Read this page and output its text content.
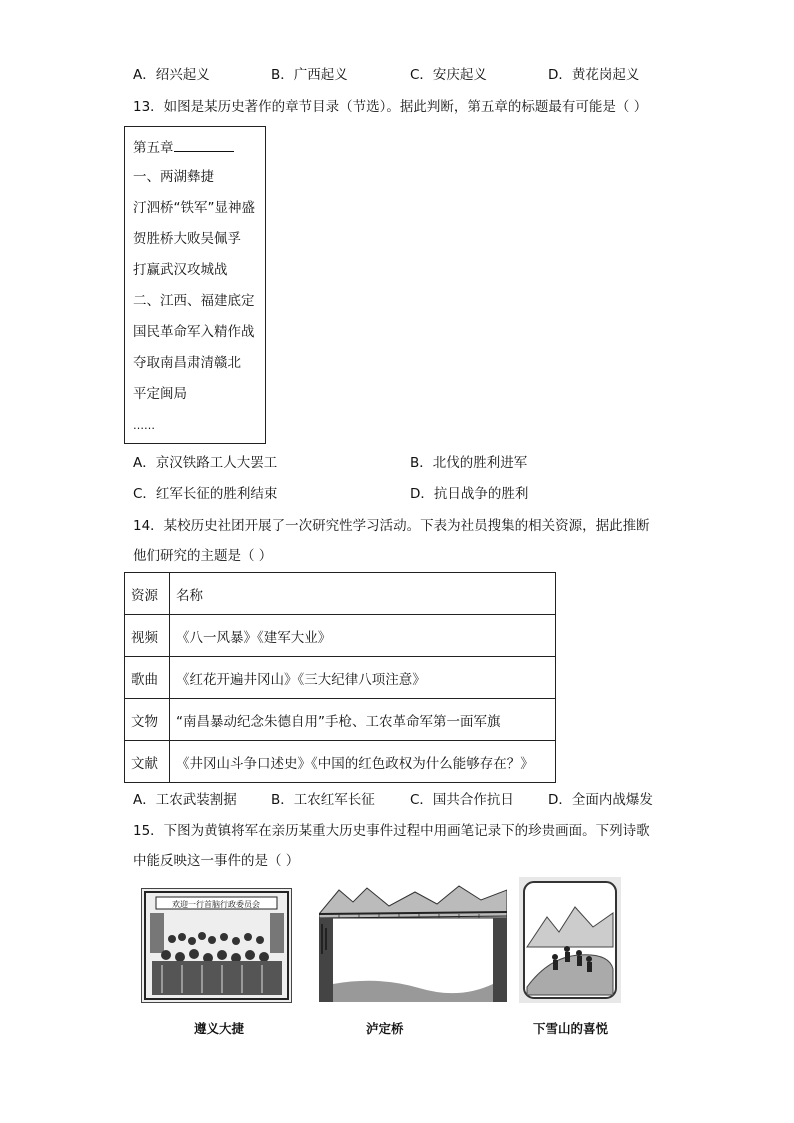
A．绍兴起义	B．广西起义	C．安庆起义	D．黄花岗起义
13．如图是某历史著作的章节目录（节选）。据此判断，第五章的标题最有可能是（ ）
第五章
一、两湖彝捷
汀泗桥“铁军”显神盛
贺胜桥大败吴佩孚
打赢武汉攻城战
二、江西、福建底定
国民革命军入精作战
夺取南昌肃清赣北
平定闽局
……
A．京汉铁路工人大罢工	B．北伐的胜利进军
C．红军长征的胜利结束	D．抗日战争的胜利
14．某校历史社团开展了一次研究性学习活动。下表为社员搜集的相关资源，据此推断
他们研究的主题是（ ）
资源	名称
视频	《八一风暴》《建军大业》
歌曲	《红花开遍井冈山》《三大纪律八项注意》
文物	“南昌暴动纪念朱德自用”手枪、工农革命军第一面军旗
文献	《井冈山斗争口述史》《中国的红色政权为什么能够存在？》
A．工农武装割据	B．工农红军长征	C．国共合作抗日	D．全面内战爆发
15．下图为黄镇将军在亲历某重大历史事件过程中用画笔记录下的珍贵画面。下列诗歌
中能反映这一事件的是（ ）
欢迎一行首脑行政委员会
遵义大捷	泸定桥	下雪山的喜悦
